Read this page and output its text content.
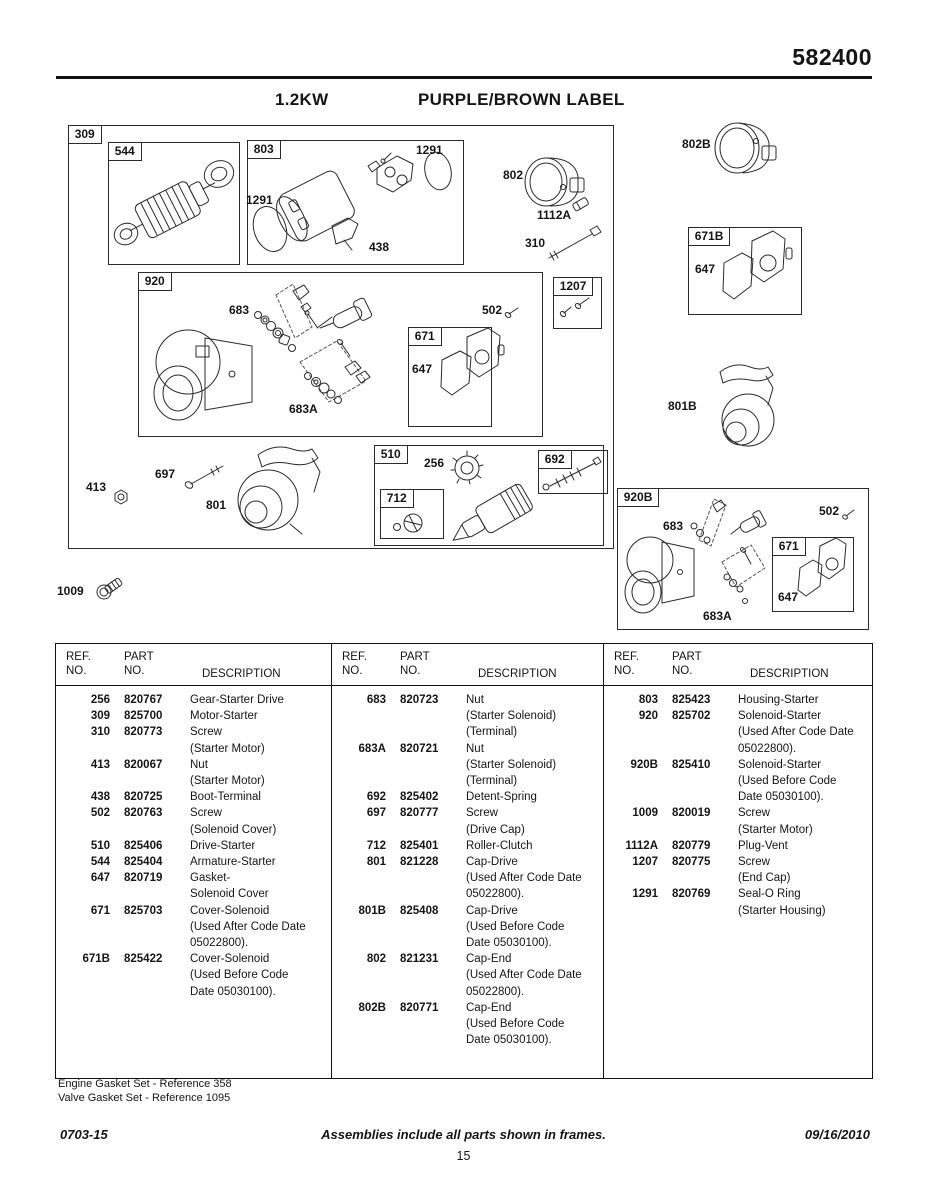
582400
1.2KW	PURPLE/BROWN LABEL
309
544	803
920
671
1207
510
712
692
671B
920B
671
1291
1291
438
802
1112A
310
683	502
647
683A
256
413
697
801
1009
802B
647
801B
502
683
647
683A
REF.
NO.
PART
NO.	DESCRIPTION
256 820767	Gear-Starter Drive
309 825700	Motor-Starter
310 820773	Screw
(Starter Motor)
413 820067	Nut
(Starter Motor)
438 820725	Boot-Terminal
502 820763	Screw
(Solenoid Cover)
510 825406	Drive-Starter
544 825404	Armature-Starter
647 820719	Gasket-
Solenoid Cover
671 825703	Cover-Solenoid
(Used After Code Date
05022800).
671B 825422	Cover-Solenoid
(Used Before Code
Date 05030100).
REF.
NO.
PART
NO.	DESCRIPTION
683 820723	Nut
(Starter Solenoid)
(Terminal)
683A 820721	Nut
(Starter Solenoid)
(Terminal)
692 825402	Detent-Spring
697 820777	Screw
(Drive Cap)
712 825401	Roller-Clutch
801 821228	Cap-Drive
(Used After Code Date
05022800).
801B 825408	Cap-Drive
(Used Before Code
Date 05030100).
802 821231	Cap-End
(Used After Code Date
05022800).
802B 820771	Cap-End
(Used Before Code
Date 05030100).
REF.
NO.
PART
NO.	DESCRIPTION
803 825423	Housing-Starter
920 825702	Solenoid-Starter
(Used After Code Date
05022800).
920B 825410	Solenoid-Starter
(Used Before Code
Date 05030100).
1009 820019	Screw
(Starter Motor)
1112A 820779	Plug-Vent
1207 820775	Screw
(End Cap)
1291 820769	Seal-O Ring
(Starter Housing)
Engine Gasket Set - Reference 358
Valve Gasket Set - Reference 1095
0703-15	Assemblies include all parts shown in frames.	09/16/2010
15
